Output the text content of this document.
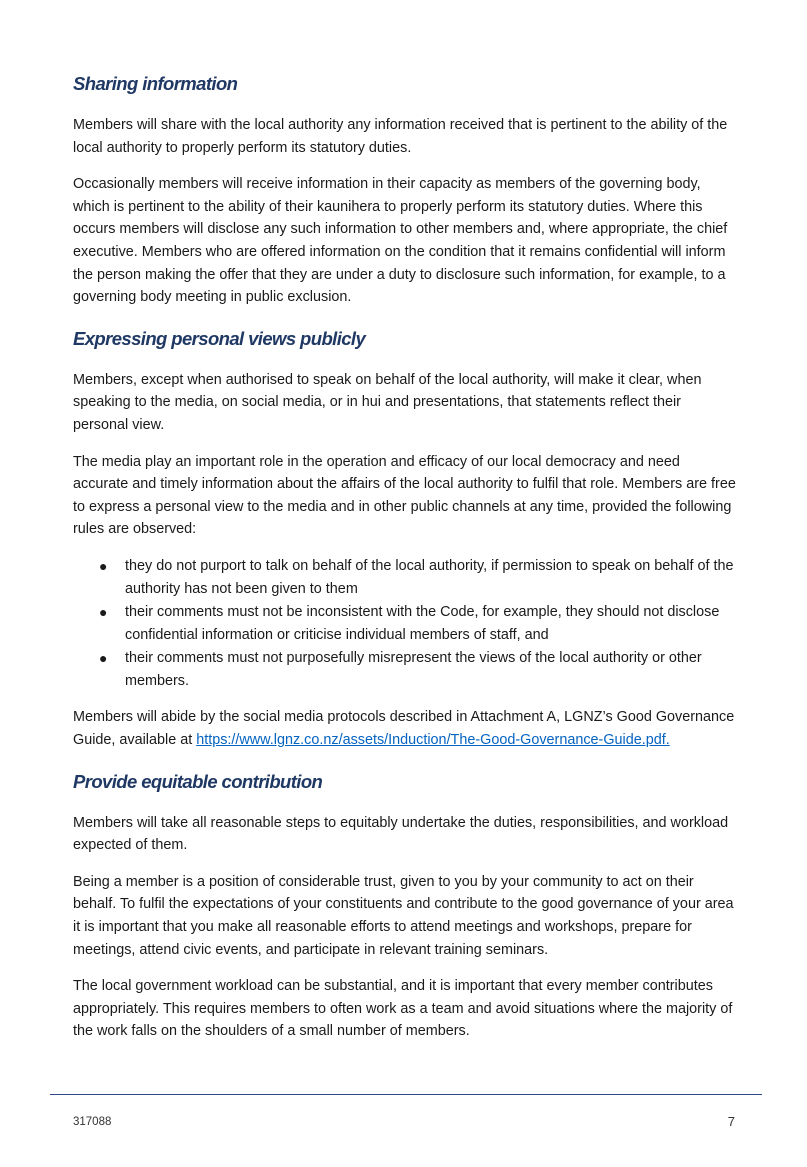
Sharing information

Members will share with the local authority any information received that is pertinent to the ability of the local authority to properly perform its statutory duties.

Occasionally members will receive information in their capacity as members of the governing body, which is pertinent to the ability of their kaunihera to properly perform its statutory duties. Where this occurs members will disclose any such information to other members and, where appropriate, the chief executive. Members who are offered information on the condition that it remains confidential will inform the person making the offer that they are under a duty to disclosure such information, for example, to a governing body meeting in public exclusion.

Expressing personal views publicly

Members, except when authorised to speak on behalf of the local authority, will make it clear, when speaking to the media, on social media, or in hui and presentations, that statements reflect their personal view.

The media play an important role in the operation and efficacy of our local democracy and need accurate and timely information about the affairs of the local authority to fulfil that role. Members are free to express a personal view to the media and in other public channels at any time, provided the following rules are observed:

● they do not purport to talk on behalf of the local authority, if permission to speak on behalf of the authority has not been given to them
● their comments must not be inconsistent with the Code, for example, they should not disclose confidential information or criticise individual members of staff, and
● their comments must not purposefully misrepresent the views of the local authority or other members.

Members will abide by the social media protocols described in Attachment A, LGNZ’s Good Governance Guide, available at https://www.lgnz.co.nz/assets/Induction/The-Good-Governance-Guide.pdf.

Provide equitable contribution

Members will take all reasonable steps to equitably undertake the duties, responsibilities, and workload expected of them.

Being a member is a position of considerable trust, given to you by your community to act on their behalf. To fulfil the expectations of your constituents and contribute to the good governance of your area it is important that you make all reasonable efforts to attend meetings and workshops, prepare for meetings, attend civic events, and participate in relevant training seminars.

The local government workload can be substantial, and it is important that every member contributes appropriately. This requires members to often work as a team and avoid situations where the majority of the work falls on the shoulders of a small number of members.

317088	7
